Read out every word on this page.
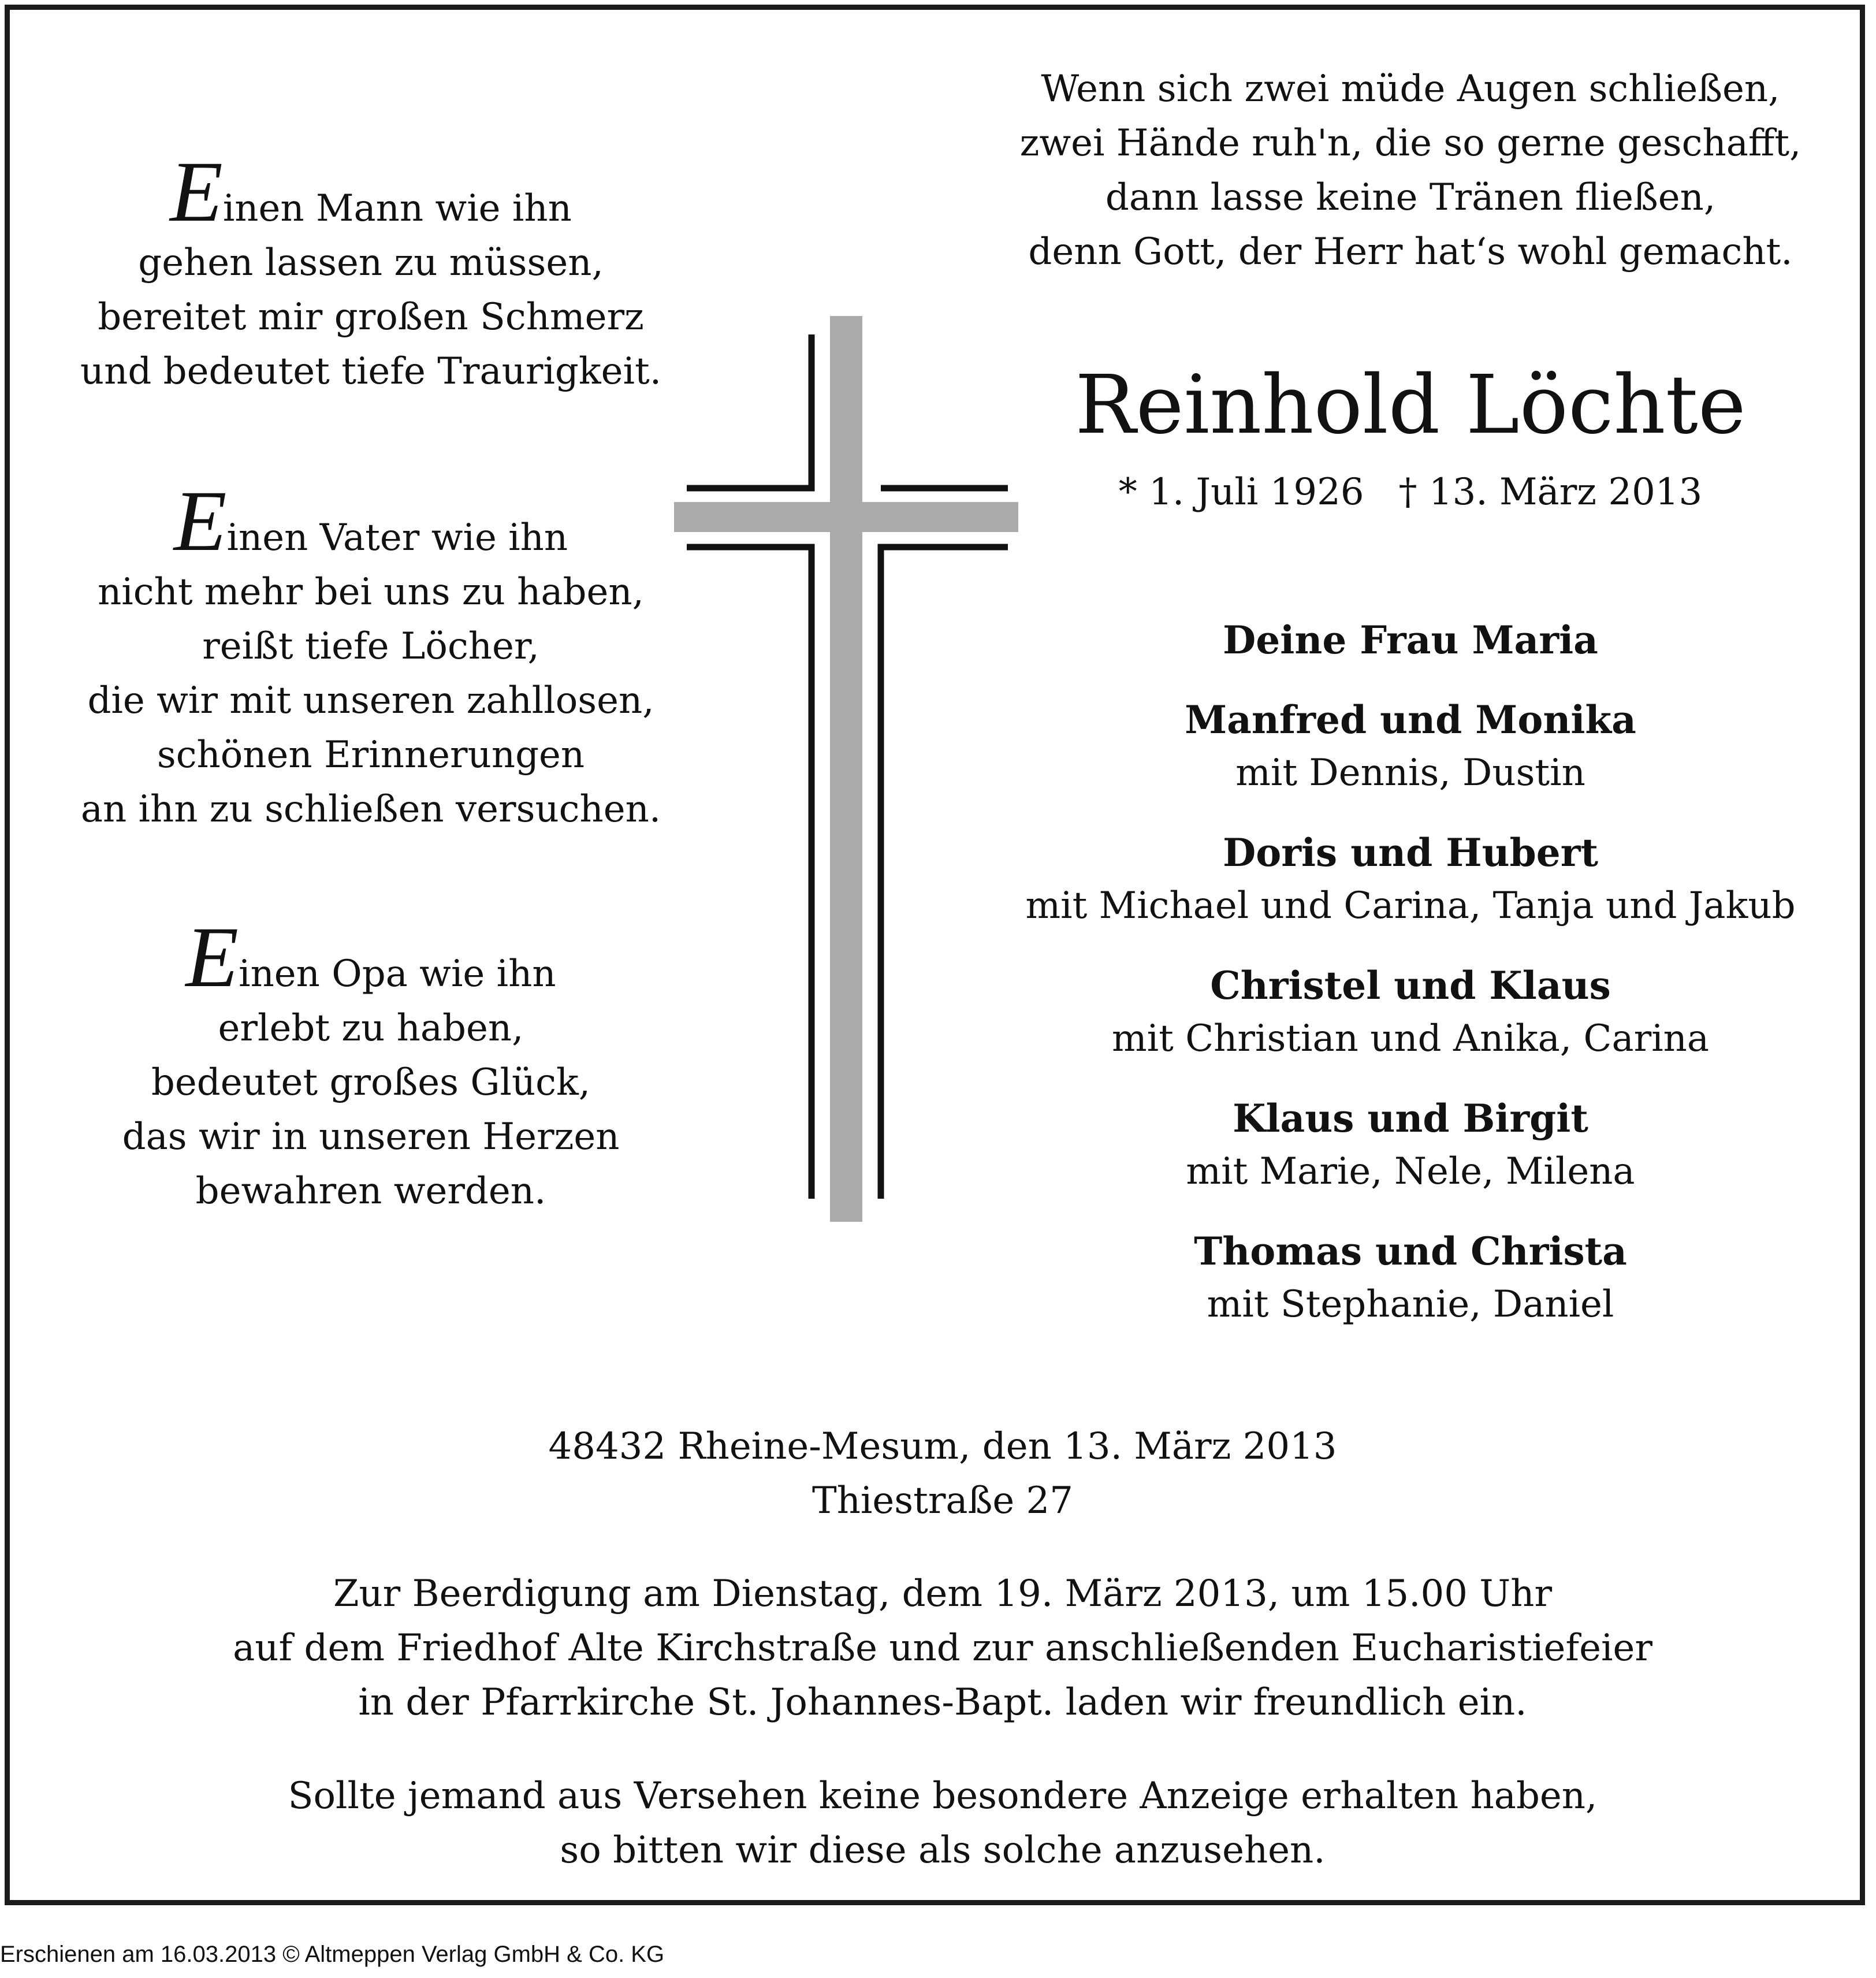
Einen Mann wie ihn
gehen lassen zu müssen,
bereitet mir großen Schmerz
und bedeutet tiefe Traurigkeit.
Einen Vater wie ihn
nicht mehr bei uns zu haben,
reißt tiefe Löcher,
die wir mit unseren zahllosen,
schönen Erinnerungen
an ihn zu schließen versuchen.
Einen Opa wie ihn
erlebt zu haben,
bedeutet großes Glück,
das wir in unseren Herzen
bewahren werden.
Wenn sich zwei müde Augen schließen,
zwei Hände ruh'n, die so gerne geschafft,
dann lasse keine Tränen fließen,
denn Gott, der Herr hat‘s wohl gemacht.
Reinhold Löchte
* 1. Juli 1926 † 13. März 2013
Deine Frau Maria
Manfred und Monika
mit Dennis, Dustin
Doris und Hubert
mit Michael und Carina, Tanja und Jakub
Christel und Klaus
mit Christian und Anika, Carina
Klaus und Birgit
mit Marie, Nele, Milena
Thomas und Christa
mit Stephanie, Daniel
48432 Rheine-Mesum, den 13. März 2013
Thiestraße 27
Zur Beerdigung am Dienstag, dem 19. März 2013, um 15.00 Uhr
auf dem Friedhof Alte Kirchstraße und zur anschließenden Eucharistiefeier
in der Pfarrkirche St. Johannes-Bapt. laden wir freundlich ein.
Sollte jemand aus Versehen keine besondere Anzeige erhalten haben,
so bitten wir diese als solche anzusehen.
Erschienen am 16.03.2013 © Altmeppen Verlag GmbH & Co. KG
